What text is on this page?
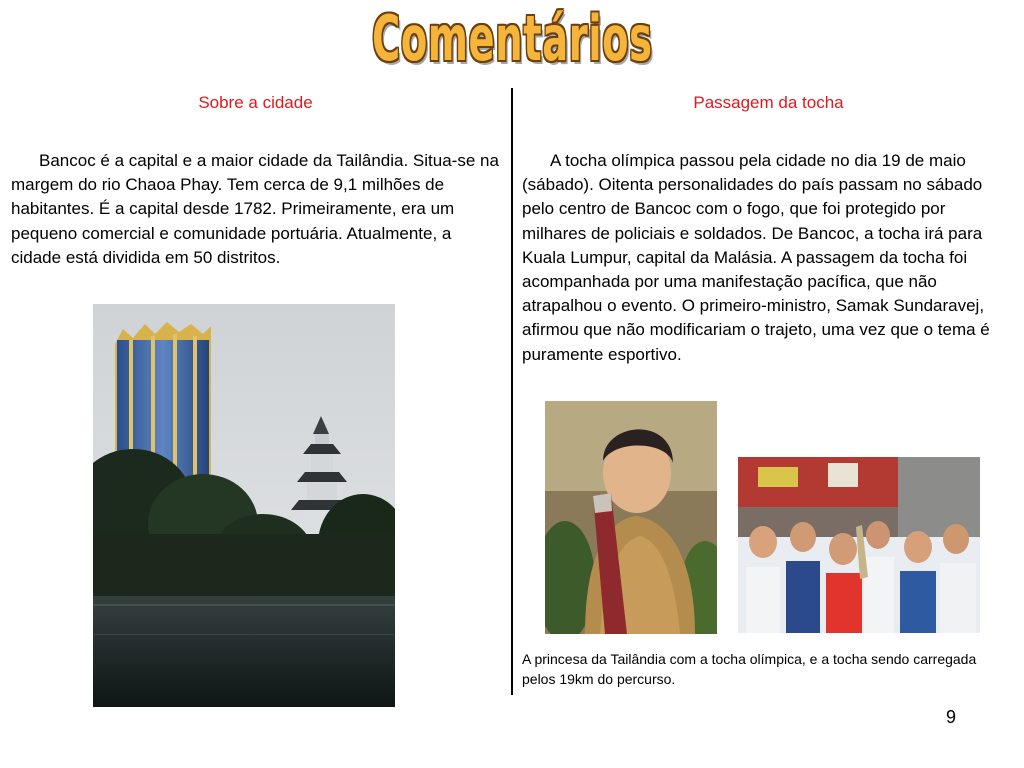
Comentários
Sobre a cidade	Passagem da tocha

Bancoc é a capital e a maior cidade da Tailândia. Situa-se na margem do rio Chaoa Phay. Tem cerca de 9,1 milhões de habitantes. É a capital desde 1782. Primeiramente, era um pequeno comercial e comunidade portuária. Atualmente, a cidade está dividida em 50 distritos.

A tocha olímpica passou pela cidade no dia 19 de maio (sábado). Oitenta personalidades do país passam no sábado pelo centro de Bancoc com o fogo, que foi protegido por milhares de policiais e soldados. De Bancoc, a tocha irá para Kuala Lumpur, capital da Malásia. A passagem da tocha foi acompanhada por uma manifestação pacífica, que não atrapalhou o evento. O primeiro-ministro, Samak Sundaravej, afirmou que não modificariam o trajeto, uma vez que o tema é puramente esportivo.

A princesa da Tailândia com a tocha olímpica, e a tocha sendo carregada pelos 19km do percurso.

9
